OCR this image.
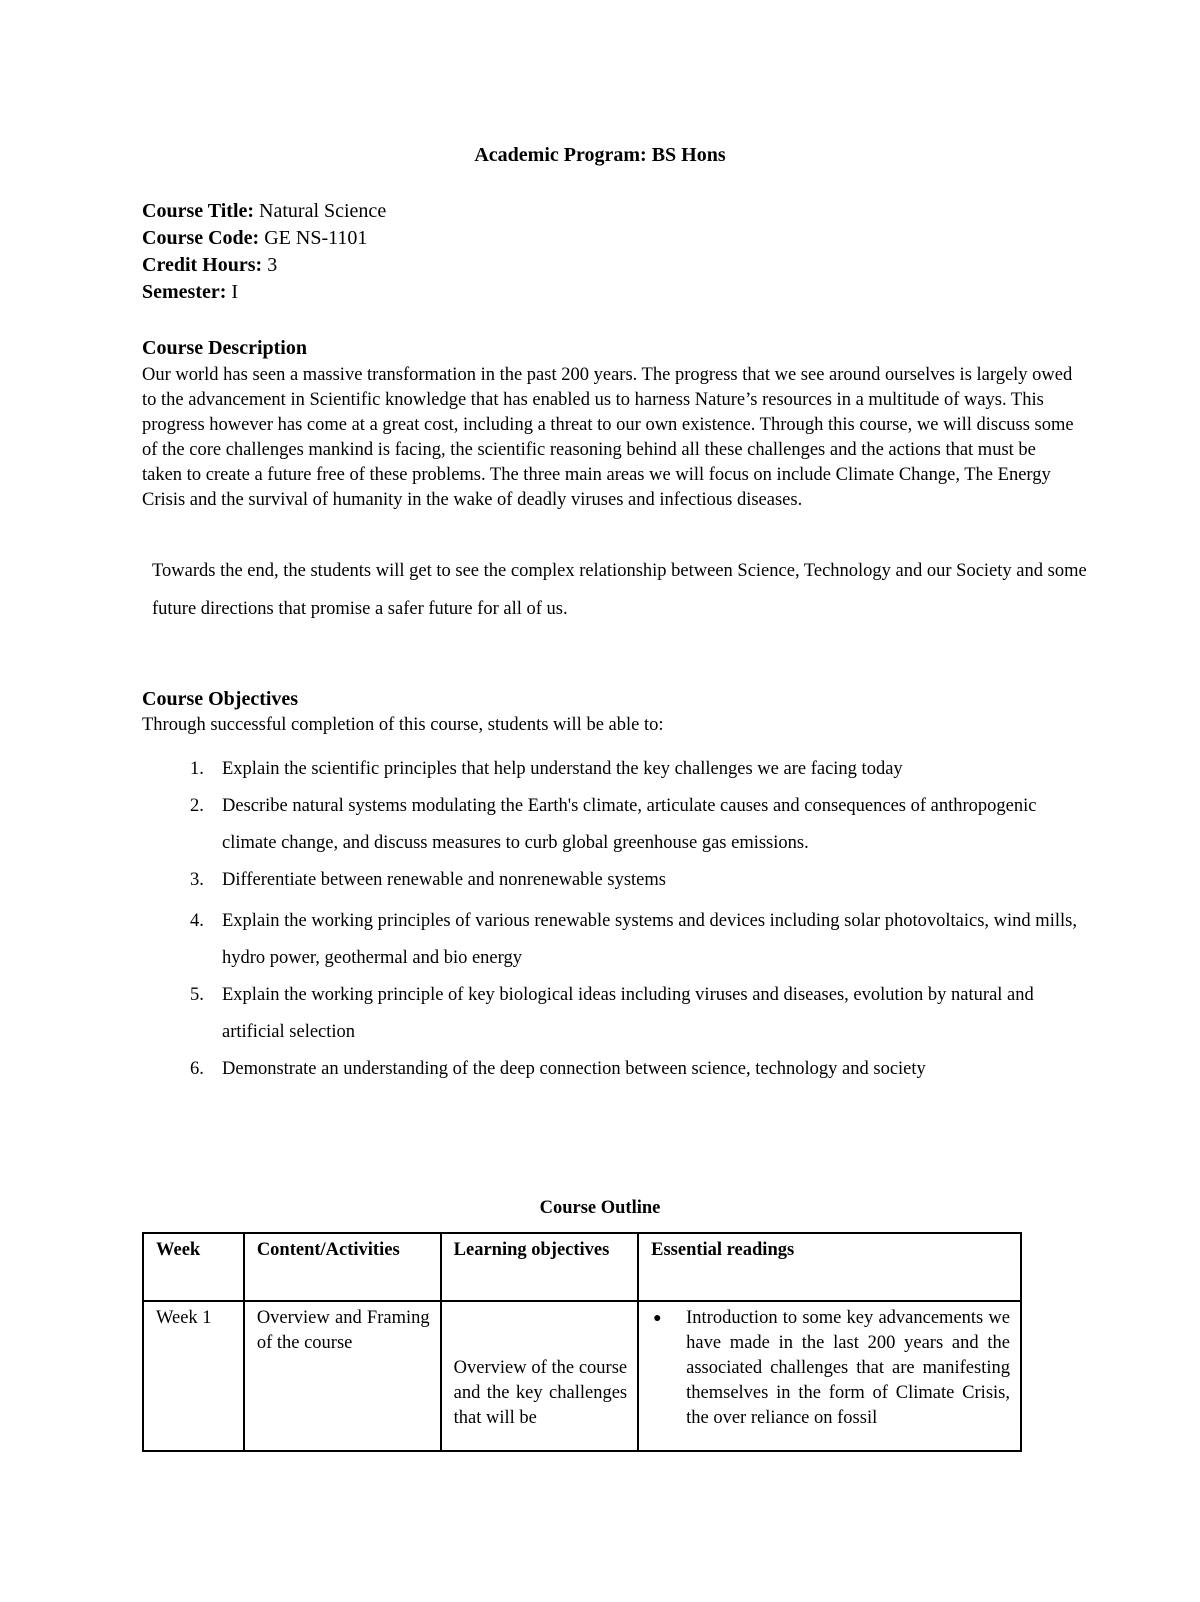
Academic Program: BS Hons
Course Title: Natural Science
Course Code: GE NS-1101
Credit Hours: 3
Semester: I
Course Description
Our world has seen a massive transformation in the past 200 years. The progress that we see around ourselves is largely owed to the advancement in Scientific knowledge that has enabled us to harness Nature’s resources in a multitude of ways. This progress however has come at a great cost, including a threat to our own existence. Through this course, we will discuss some of the core challenges mankind is facing, the scientific reasoning behind all these challenges and the actions that must be taken to create a future free of these problems. The three main areas we will focus on include Climate Change, The Energy Crisis and the survival of humanity in the wake of deadly viruses and infectious diseases.
Towards the end, the students will get to see the complex relationship between Science, Technology and our Society and some future directions that promise a safer future for all of us.
Course Objectives
Through successful completion of this course, students will be able to:
1. Explain the scientific principles that help understand the key challenges we are facing today
2. Describe natural systems modulating the Earth's climate, articulate causes and consequences of anthropogenic climate change, and discuss measures to curb global greenhouse gas emissions.
3. Differentiate between renewable and nonrenewable systems
4. Explain the working principles of various renewable systems and devices including solar photovoltaics, wind mills, hydro power, geothermal and bio energy
5. Explain the working principle of key biological ideas including viruses and diseases, evolution by natural and artificial selection
6. Demonstrate an understanding of the deep connection between science, technology and society
Course Outline
Week	Content/Activities	Learning objectives	Essential readings
Week 1	Overview and Framing of the course	Overview of the course and the key challenges that will be	● Introduction to some key advancements we have made in the last 200 years and the associated challenges that are manifesting themselves in the form of Climate Crisis, the over reliance on fossil
